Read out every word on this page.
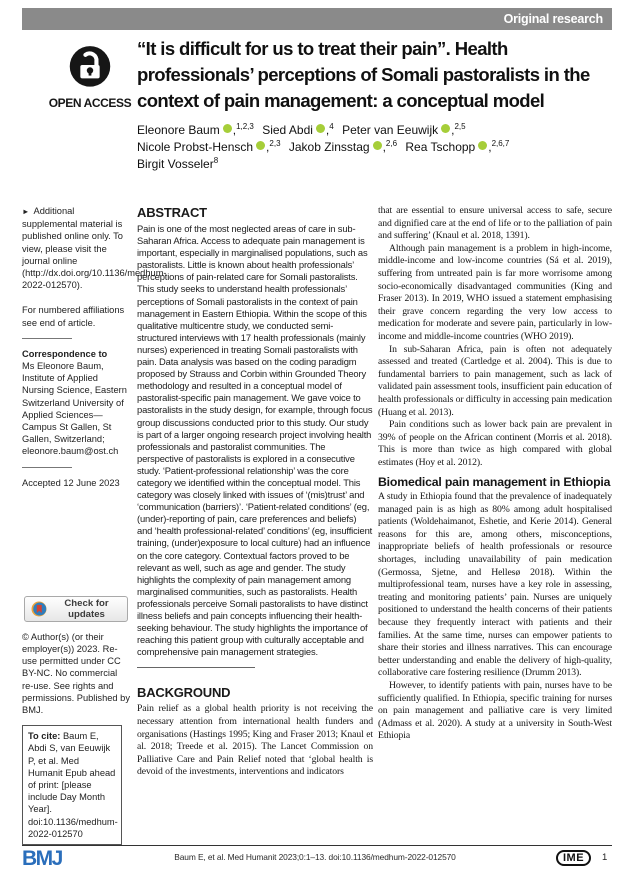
Original research
OPEN ACCESS
“It is difficult for us to treat their pain”. Health professionals’ perceptions of Somali pastoralists in the context of pain management: a conceptual model
Eleonore Baum ,$^{1,2,3}$ Sied Abdi ,$^4$ Peter van Eeuwijk ,$^{2,5}$
Nicole Probst-Hensch ,$^{2,3}$ Jakob Zinsstag ,$^{2,6}$ Rea Tschopp ,$^{2,6,7}$
Birgit Vosseler$^8$
► Additional supplemental material is published online only. To view, please visit the journal online (http://dx.doi.org/10.1136/medhum-2022-012570).
For numbered affiliations see end of article.
Correspondence to
Ms Eleonore Baum, Institute of Applied Nursing Science, Eastern Switzerland University of Applied Sciences—Campus St Gallen, St Gallen, Switzerland; eleonore.baum@ost.ch
Accepted 12 June 2023
Check for updates
© Author(s) (or their employer(s)) 2023. Re-use permitted under CC BY-NC. No commercial re-use. See rights and permissions. Published by BMJ.
To cite: Baum E, Abdi S, van Eeuwijk P, et al. Med Humanit Epub ahead of print: [please include Day Month Year]. doi:10.1136/medhum-2022-012570
ABSTRACT
Pain is one of the most neglected areas of care in sub-Saharan Africa. Access to adequate pain management is important, especially in marginalised populations, such as pastoralists. Little is known about health professionals’ perceptions of pain-related care for Somali pastoralists. This study seeks to understand health professionals’ perceptions of Somali pastoralists in the context of pain management in Eastern Ethiopia. Within the scope of this qualitative multicentre study, we conducted semi-structured interviews with 17 health professionals (mainly nurses) experienced in treating Somali pastoralists with pain. Data analysis was based on the coding paradigm proposed by Strauss and Corbin within Grounded Theory methodology and resulted in a conceptual model of pastoralist-specific pain management. We gave voice to pastoralists in the study design, for example, through focus group discussions conducted prior to this study. Our study is part of a larger ongoing research project involving health professionals and pastoralist communities. The perspective of pastoralists is explored in a consecutive study. ‘Patient-professional relationship’ was the core category we identified within the conceptual model. This category was closely linked with issues of ‘(mis)trust’ and ‘communication (barriers)’. ‘Patient-related conditions’ (eg, (under)-reporting of pain, care preferences and beliefs) and ‘health professional-related’ conditions’ (eg, insufficient training, (under)exposure to local culture) had an influence on the core category. Contextual factors proved to be relevant as well, such as age and gender. The study highlights the complexity of pain management among marginalised communities, such as pastoralists. Health professionals perceive Somali pastoralists to have distinct illness beliefs and pain concepts influencing their health-seeking behaviour. The study highlights the importance of reaching this patient group with culturally acceptable and comprehensive pain management strategies.
BACKGROUND
Pain relief as a global health priority is not receiving the necessary attention from international health funders and organisations (Hastings 1995; King and Fraser 2013; Knaul et al. 2018; Treede et al. 2015). The Lancet Commission on Palliative Care and Pain Relief noted that ‘global health is devoid of the investments, interventions and indicators

that are essential to ensure universal access to safe, secure and dignified care at the end of life or to the palliation of pain and suffering’ (Knaul et al. 2018, 1391).

Although pain management is a problem in high-income, middle-income and low-income countries (Sá et al. 2019), suffering from untreated pain is far more worrisome among socio-economically disadvantaged communities (King and Fraser 2013). In 2019, WHO issued a statement emphasising their grave concern regarding the very low access to medication for moderate and severe pain, particularly in low-income and middle-income countries (WHO 2019).

In sub-Saharan Africa, pain is often not adequately assessed and treated (Cartledge et al. 2004). This is due to fundamental barriers to pain management, such as lack of validated pain assessment tools, insufficient pain education of health professionals or difficulty in accessing pain medication (Huang et al. 2013).

Pain conditions such as lower back pain are prevalent in 39% of people on the African continent (Morris et al. 2018). This is more than twice as high compared with global estimates (Hoy et al. 2012).

Biomedical pain management in Ethiopia

A study in Ethiopia found that the prevalence of inadequately managed pain is as high as 80% among adult hospitalised patients (Woldehaimanot, Eshetie, and Kerie 2014). General reasons for this are, among others, misconceptions, inappropriate beliefs of health professionals or resource shortages, including unavailability of pain medication (Germossa, Sjetne, and Hellesø 2018). Within the multiprofessional team, nurses have a key role in assessing, treating and monitoring patients’ pain. Nurses are uniquely positioned to understand the health concerns of their patients because they frequently interact with patients and their families. At the same time, nurses can empower patients to share their stories and illness narratives. This can encourage better understanding and enable the delivery of high-quality, collaborative care fostering resilience (Drumm 2013).

However, to identify patients with pain, nurses have to be sufficiently qualified. In Ethiopia, specific training for nurses on pain management and palliative care is very limited (Admass et al. 2020). A study at a university in South-West Ethiopia

BMJ	Baum E, et al. Med Humanit 2023;0:1–13. doi:10.1136/medhum-2022-012570	IME	1
